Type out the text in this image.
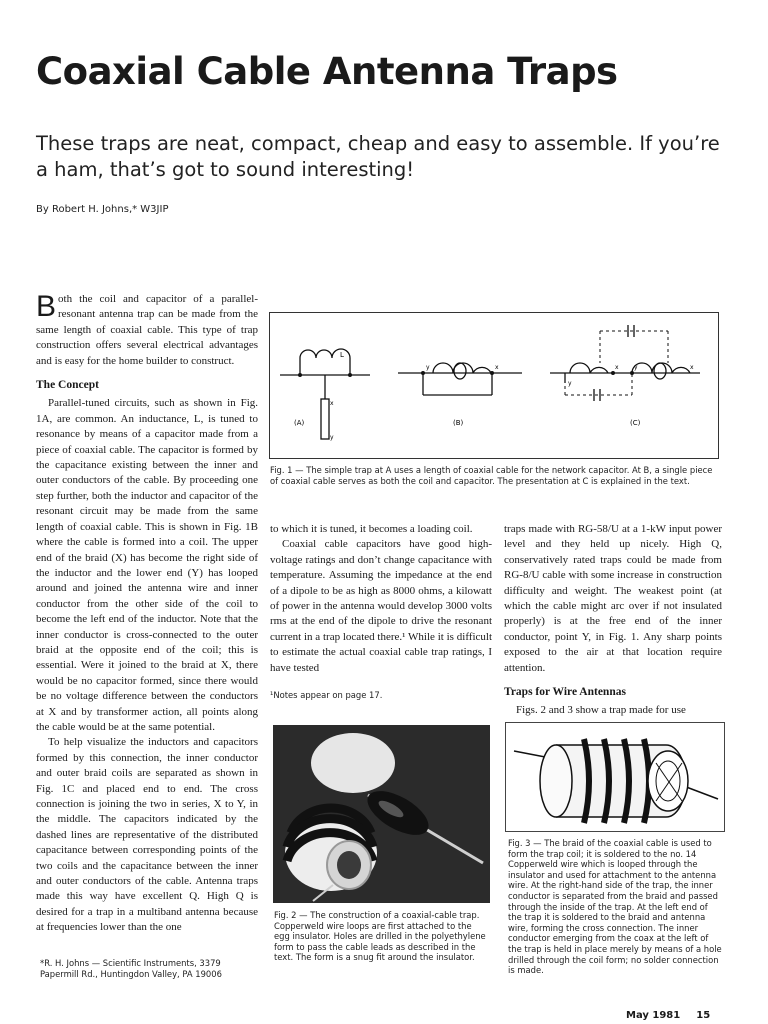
Coaxial Cable Antenna Traps
These traps are neat, compact, cheap and easy to assemble. If you’re a ham, that’s got to sound interesting!
By Robert H. Johns,* W3JIP

Both the coil and capacitor of a parallel-resonant antenna trap can be made from the same length of coaxial cable. This type of trap construction offers several electrical advantages and is easy for the home builder to construct.

The Concept

Parallel-tuned circuits, such as shown in Fig. 1A, are common. An inductance, L, is tuned to resonance by means of a capacitor made from a piece of coaxial cable. The capacitor is formed by the capacitance existing between the inner and outer conductors of the cable. By proceeding one step further, both the inductor and capacitor of the resonant circuit may be made from the same length of coaxial cable. This is shown in Fig. 1B where the cable is formed into a coil. The upper end of the braid (X) has become the right side of the inductor and the lower end (Y) has looped around and joined the antenna wire and inner conductor from the other side of the coil to become the left end of the inductor. Note that the inner conductor is cross-connected to the outer braid at the opposite end of the coil; this is essential. Were it joined to the braid at X, there would be no capacitor formed, since there would be no voltage difference between the conductors at X and by transformer action, all points along the cable would be at the same potential.

To help visualize the inductors and capacitors formed by this connection, the inner conductor and outer braid coils are separated as shown in Fig. 1C and placed end to end. The cross connection is joining the two in series, X to Y, in the middle. The capacitors indicated by the dashed lines are representative of the distributed capacitance between corresponding points of the two coils and the capacitance between the inner and outer conductors of the cable. Antenna traps made this way have excellent Q. High Q is desired for a trap in a multiband antenna because at frequencies lower than the one

*R. H. Johns — Scientific Instruments, 3379 Papermill Rd., Huntingdon Valley, PA 19006
L
x
y
y	x
y
x	y	x
(A)	(B)	(C)
Fig. 1 — The simple trap at A uses a length of coaxial cable for the network capacitor. At B, a single piece of coaxial cable serves as both the coil and capacitor. The presentation at C is explained in the text.

to which it is tuned, it becomes a loading coil.

Coaxial cable capacitors have good high-voltage ratings and don’t change capacitance with temperature. Assuming the impedance at the end of a dipole to be as high as 8000 ohms, a kilowatt of power in the antenna would develop 3000 volts rms at the end of the dipole to drive the resonant current in a trap located there.¹ While it is difficult to estimate the actual coaxial cable trap ratings, I have tested

¹Notes appear on page 17.
Fig. 2 — The construction of a coaxial-cable trap. Copperweld wire loops are first attached to the egg insulator. Holes are drilled in the polyethylene form to pass the cable leads as described in the text. The form is a snug fit around the insulator.

traps made with RG-58/U at a 1-kW input power level and they held up nicely. High Q, conservatively rated traps could be made from RG-8/U cable with some increase in construction difficulty and weight. The weakest point (at which the cable might arc over if not insulated properly) is at the free end of the inner conductor, point Y, in Fig. 1. Any sharp points exposed to the air at that location require attention.

Traps for Wire Antennas

Figs. 2 and 3 show a trap made for use

Fig. 3 — The braid of the coaxial cable is used to form the trap coil; it is soldered to the no. 14 Copperweld wire which is looped through the insulator and used for attachment to the antenna wire. At the right-hand side of the trap, the inner conductor is separated from the braid and passed through the inside of the trap. At the left end of the trap it is soldered to the braid and antenna wire, forming the cross connection. The inner conductor emerging from the coax at the left of the trap is held in place merely by means of a hole drilled through the coil form; no solder connection is made.
May 1981 15
